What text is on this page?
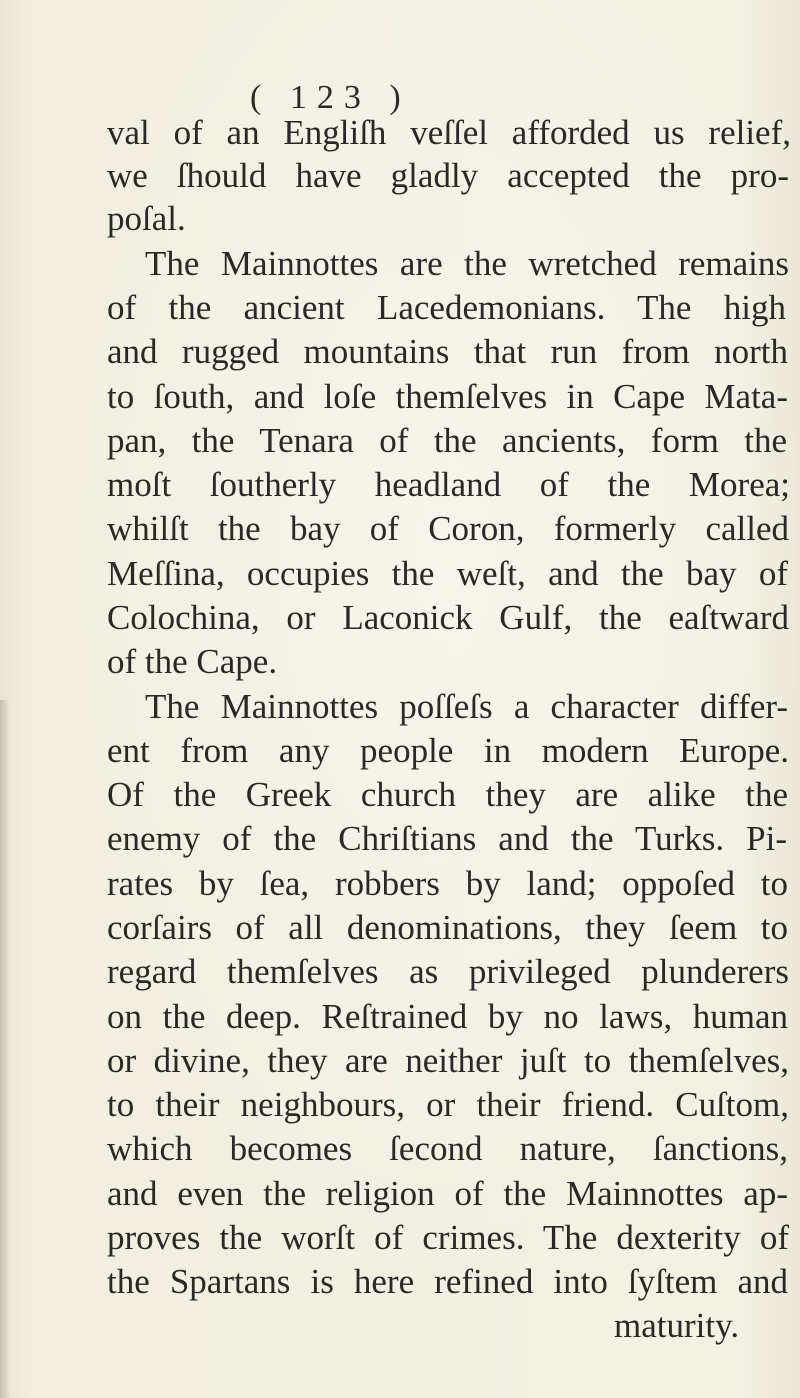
( 123 )
val of an Engliſh veſſel afforded us relief,
we ſhould have gladly accepted the pro-
poſal.
The Mainnottes are the wretched remains
of the ancient Lacedemonians. The high
and rugged mountains that run from north
to ſouth, and loſe themſelves in Cape Mata-
pan, the Tenara of the ancients, form the
moſt ſoutherly headland of the Morea;
whilſt the bay of Coron, formerly called
Meſſina, occupies the weſt, and the bay of
Colochina, or Laconick Gulf, the eaſtward
of the Cape.
The Mainnottes poſſeſs a character differ-
ent from any people in modern Europe.
Of the Greek church they are alike the
enemy of the Chriſtians and the Turks. Pi-
rates by ſea, robbers by land; oppoſed to
corſairs of all denominations, they ſeem to
regard themſelves as privileged plunderers
on the deep. Reſtrained by no laws, human
or divine, they are neither juſt to themſelves,
to their neighbours, or their friend. Cuſtom,
which becomes ſecond nature, ſanctions,
and even the religion of the Mainnottes ap-
proves the worſt of crimes. The dexterity of
the Spartans is here refined into ſyſtem and
maturity.
